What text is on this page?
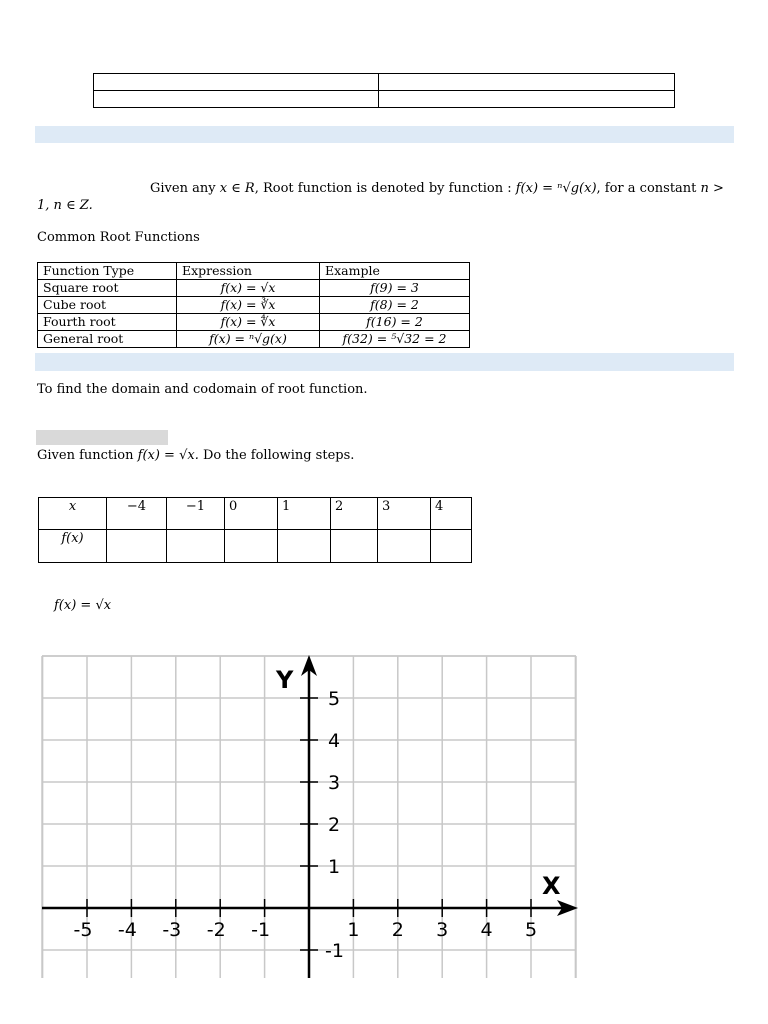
Given any x ∈ R, Root function is denoted by function : f(x) = ⁿ√g(x), for a constant n >
1, n ∈ Z.
Common Root Functions
Function Type	Expression	Example
Square root	f(x) = √x	f(9) = 3
Cube root	f(x) = ∛x	f(8) = 2
Fourth root	f(x) = ∜x	f(16) = 2
General root	f(x) = ⁿ√g(x)	f(32) = ⁵√32 = 2
To find the domain and codomain of root function.
Given function f(x) = √x. Do the following steps.
x	−4	−1	0	1	2	3	4
f(x)							
f(x) = √x
-5 -4 -3 -2 -1	1 2 3 4 5
5
4
3
2
1
-1
X
Y
